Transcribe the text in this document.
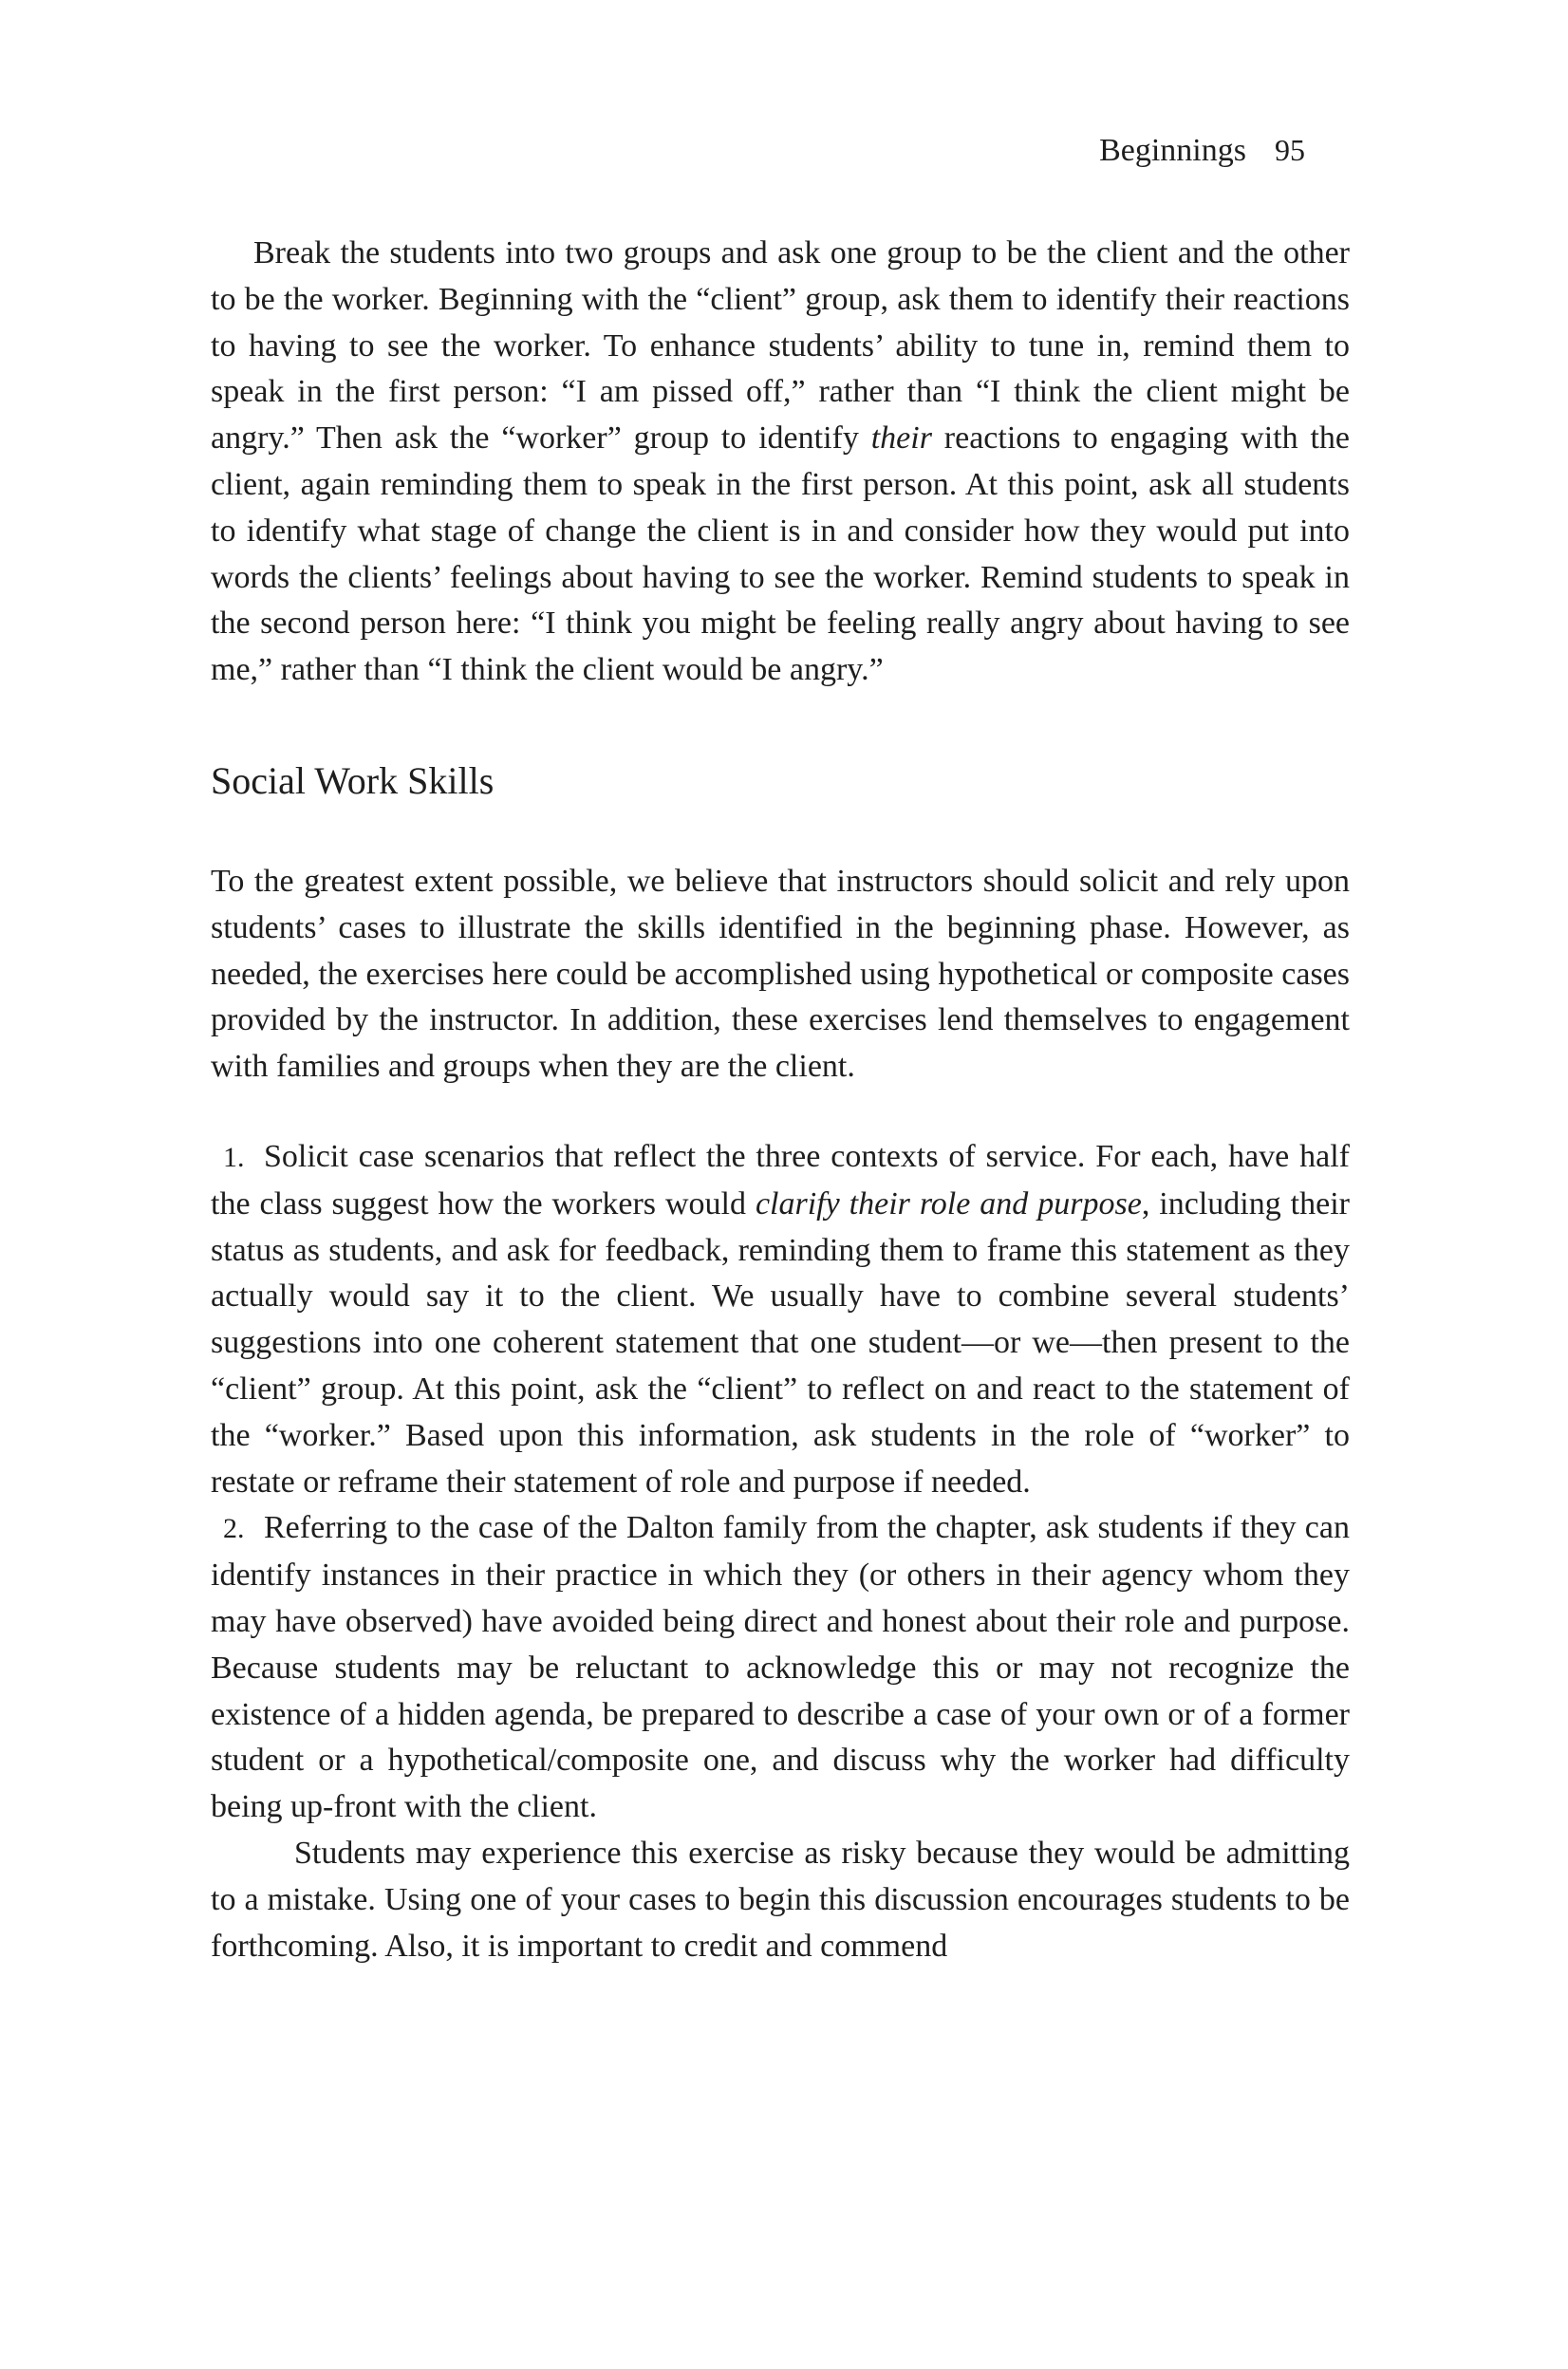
Beginnings 95

Break the students into two groups and ask one group to be the client and the other to be the worker. Beginning with the “client” group, ask them to identify their reactions to having to see the worker. To enhance students’ ability to tune in, remind them to speak in the first person: “I am pissed off,” rather than “I think the client might be angry.” Then ask the “worker” group to identify their reactions to engaging with the client, again reminding them to speak in the first person. At this point, ask all students to identify what stage of change the client is in and consider how they would put into words the clients’ feelings about having to see the worker. Remind students to speak in the second person here: “I think you might be feeling really angry about having to see me,” rather than “I think the client would be angry.”

Social Work Skills

To the greatest extent possible, we believe that instructors should solicit and rely upon students’ cases to illustrate the skills identified in the beginning phase. However, as needed, the exercises here could be accomplished using hypothetical or composite cases provided by the instructor. In addition, these exercises lend themselves to engagement with families and groups when they are the client.

1. Solicit case scenarios that reflect the three contexts of service. For each, have half the class suggest how the workers would clarify their role and purpose, including their status as students, and ask for feedback, reminding them to frame this statement as they actually would say it to the client. We usually have to combine several students’ suggestions into one coherent statement that one student—or we—then present to the “client” group. At this point, ask the “client” to reflect on and react to the statement of the “worker.” Based upon this information, ask students in the role of “worker” to restate or reframe their statement of role and purpose if needed.
2. Referring to the case of the Dalton family from the chapter, ask students if they can identify instances in their practice in which they (or others in their agency whom they may have observed) have avoided being direct and honest about their role and purpose. Because students may be reluctant to acknowledge this or may not recognize the existence of a hidden agenda, be prepared to describe a case of your own or of a former student or a hypothetical/composite one, and discuss why the worker had difficulty being up-front with the client.

Students may experience this exercise as risky because they would be admitting to a mistake. Using one of your cases to begin this discussion encourages students to be forthcoming. Also, it is important to credit and commend
